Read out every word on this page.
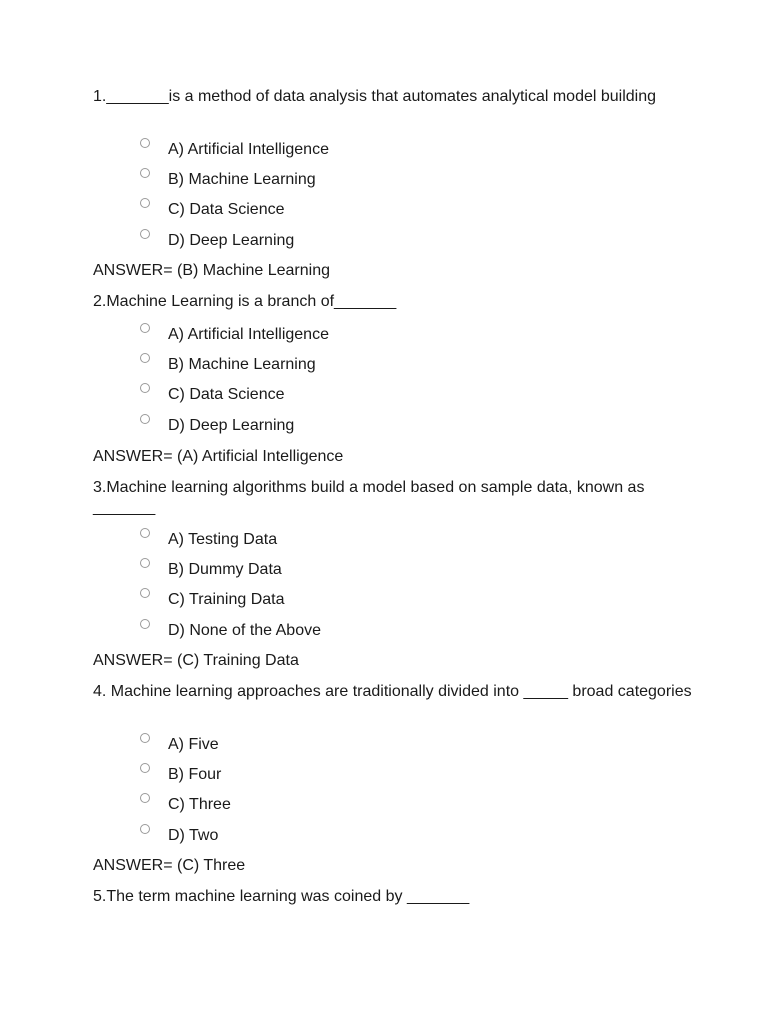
1._______is a method of data analysis that automates analytical model building
A) Artificial Intelligence
B) Machine Learning
C) Data Science
D) Deep Learning
ANSWER= (B) Machine Learning
2.Machine Learning is a branch of_______
A) Artificial Intelligence
B) Machine Learning
C) Data Science
D) Deep Learning
ANSWER= (A) Artificial Intelligence
3.Machine learning algorithms build a model based on sample data, known as _______
A) Testing Data
B) Dummy Data
C) Training Data
D) None of the Above
ANSWER= (C) Training Data
4. Machine learning approaches are traditionally divided into _____ broad categories
A) Five
B) Four
C) Three
D) Two
ANSWER= (C) Three
5.The term machine learning was coined by _______
